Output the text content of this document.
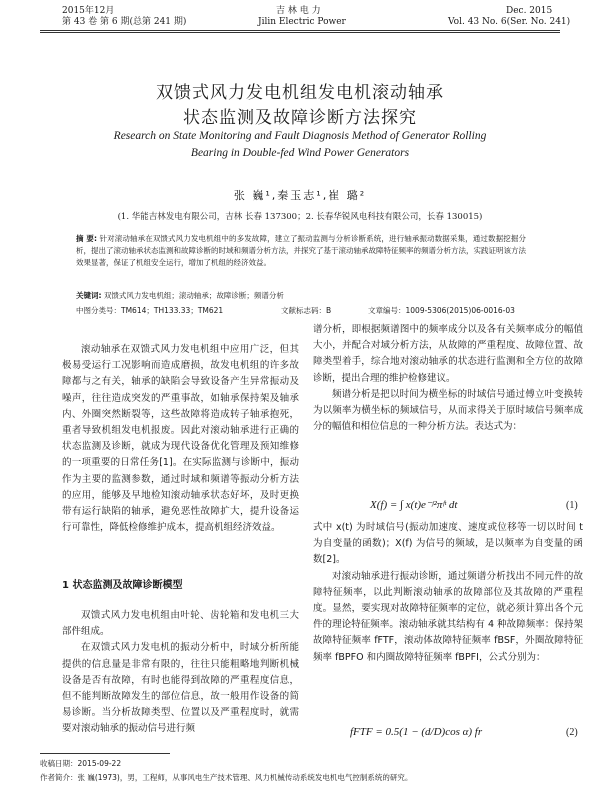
2015年12月	吉 林 电 力	Dec. 2015
第 43 卷 第 6 期(总第 241 期)	Jilin Electric Power	Vol. 43 No. 6(Ser. No. 241)
双馈式风力发电机组发电机滚动轴承
状态监测及故障诊断方法探究
Research on State Monitoring and Fault Diagnosis Method of Generator Rolling
Bearing in Double-fed Wind Power Generators
张 巍¹,秦玉志¹,崔 璐²
(1. 华能吉林发电有限公司，吉林 长春 137300；2. 长春华锐风电科技有限公司，长春 130015)
摘 要: 针对滚动轴承在双馈式风力发电机组中的多发故障，建立了振动监测与分析诊断系统，进行轴承振动数据采集，通过数据挖掘分析，提出了滚动轴承状态监测和故障诊断的时域和频谱分析方法，并探究了基于滚动轴承故障特征频率的频谱分析方法，实践证明该方法效果显著，保证了机组安全运行，增加了机组的经济效益。
关键词: 双馈式风力发电机组；滚动轴承；故障诊断；频谱分析
中图分类号：TM614；TH133.33；TM621	文献标志码：B	文章编号：1009-5306(2015)06-0016-03

滚动轴承在双馈式风力发电机组中应用广泛，但其极易受运行工况影响而造成磨损，故发电机组的许多故障都与之有关，轴承的缺陷会导致设备产生异常振动及噪声，往往造成突发的严重事故，如轴承保持架及轴承内、外圈突然断裂等，这些故障将造成转子轴承抱死，重者导致机组发电机报废。因此对滚动轴承进行正确的状态监测及诊断，就成为现代设备优化管理及预知维修的一项重要的日常任务[1]。在实际监测与诊断中，振动作为主要的监测参数，通过时域和频谱等振动分析方法的应用，能够及早地检知滚动轴承状态好坏，及时更换带有运行缺陷的轴承，避免恶性故障扩大，提升设备运行可靠性，降低检修维护成本，提高机组经济效益。

1 状态监测及故障诊断模型

双馈式风力发电机组由叶轮、齿轮箱和发电机三大部件组成。

在双馈式风力发电机的振动分析中，时域分析所能提供的信息量是非常有限的，往往只能粗略地判断机械设备是否有故障，有时也能得到故障的严重程度信息，但不能判断故障发生的部位信息，故一般用作设备的简易诊断。当分析故障类型、位置以及严重程度时，就需要对滚动轴承的振动信号进行频

谱分析，即根据频谱图中的频率成分以及各有关频率成分的幅值大小，并配合对域分析方法，从故障的严重程度、故障位置、故障类型着手，综合地对滚动轴承的状态进行监测和全方位的故障诊断，提出合理的维护检修建议。

频谱分析是把以时间为横坐标的时域信号通过傅立叶变换转为以频率为横坐标的频域信号，从而求得关于原时域信号频率成分的幅值和相位信息的一种分析方法。表达式为：

X(f) = ∫ x(t)e⁻ʲ²πᶠᵗ dt	(1)

式中 x(t) 为时域信号(振动加速度、速度或位移等一切以时间 t 为自变量的函数)；X(f) 为信号的频域，是以频率为自变量的函数[2]。

对滚动轴承进行振动诊断，通过频谱分析找出不同元件的故障特征频率，以此判断滚动轴承的故障部位及其故障的严重程度。显然，要实现对故障特征频率的定位，就必须计算出各个元件的理论特征频率。滚动轴承就其结构有 4 种故障频率：保持架故障特征频率 fFTF，滚动体故障特征频率 fBSF，外圈故障特征频率 fBPFO 和内圈故障特征频率 fBPFI，公式分别为：

fFTF = 0.5(1 − (d/D)cos α) fr	(2)
收稿日期：2015-09-22
作者简介：张 巍(1973)，男，工程师，从事风电生产技术管理、风力机械传动系统发电机电气控制系统的研究。
